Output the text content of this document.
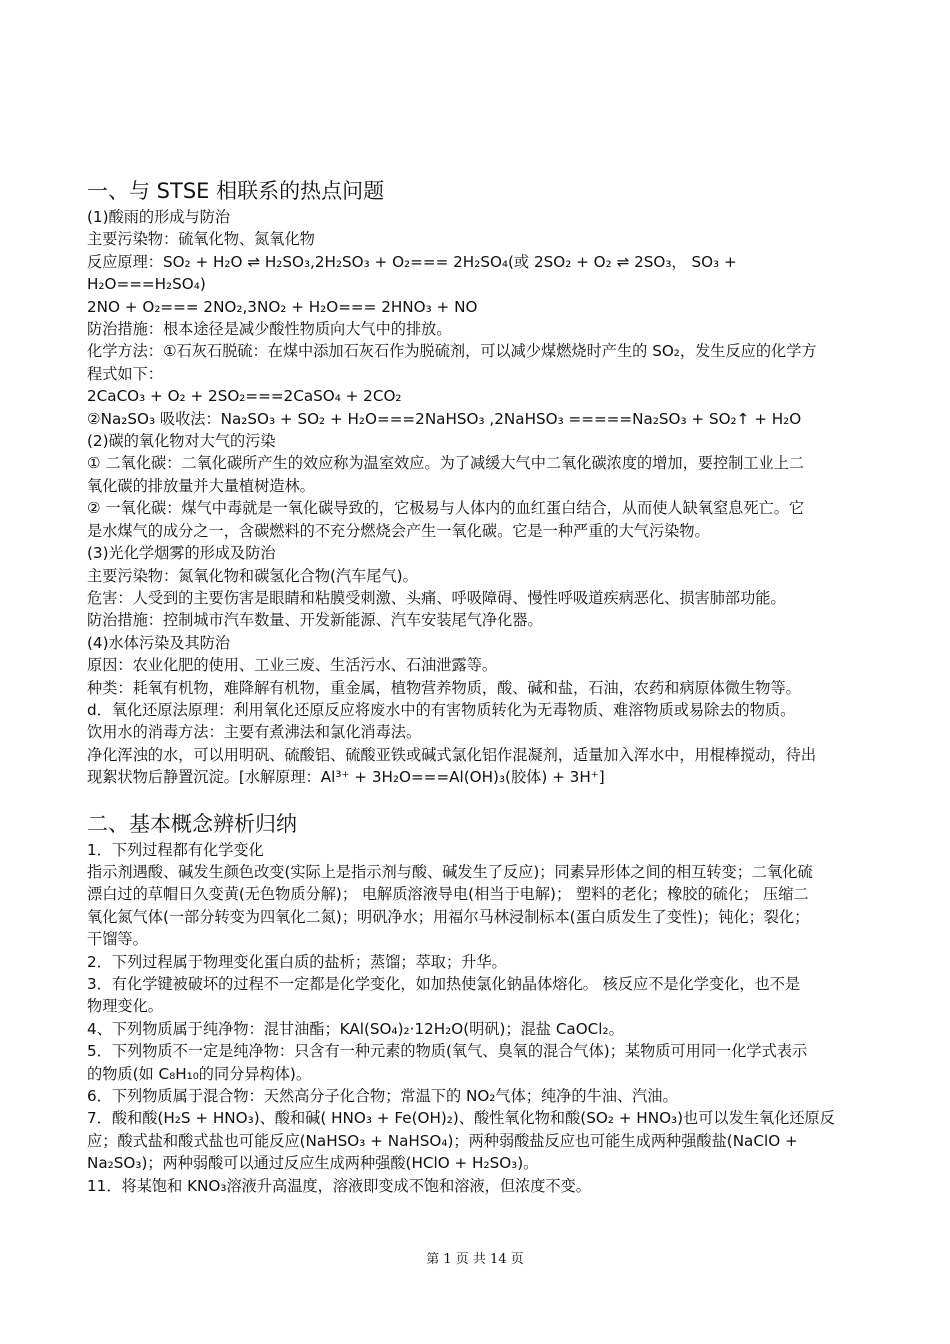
一、与 STSE 相联系的热点问题

(1)酸雨的形成与防治

主要污染物：硫氧化物、氮氧化物

反应原理：SO₂ + H₂O ⇌ H₂SO₃,2H₂SO₃ + O₂=== 2H₂SO₄(或 2SO₂ + O₂ ⇌ 2SO₃， SO₃ +

H₂O===H₂SO₄)

2NO + O₂=== 2NO₂,3NO₂ + H₂O=== 2HNO₃ + NO

防治措施：根本途径是减少酸性物质向大气中的排放。

化学方法：①石灰石脱硫：在煤中添加石灰石作为脱硫剂，可以减少煤燃烧时产生的 SO₂，发生反应的化学方

程式如下：

2CaCO₃ + O₂ + 2SO₂===2CaSO₄ + 2CO₂

②Na₂SO₃ 吸收法：Na₂SO₃ + SO₂ + H₂O===2NaHSO₃ ,2NaHSO₃ =====Na₂SO₃ + SO₂↑ + H₂O

(2)碳的氧化物对大气的污染

① 二氧化碳：二氧化碳所产生的效应称为温室效应。为了减缓大气中二氧化碳浓度的增加，要控制工业上二

氧化碳的排放量并大量植树造林。

② 一氧化碳：煤气中毒就是一氧化碳导致的，它极易与人体内的血红蛋白结合，从而使人缺氧窒息死亡。它

是水煤气的成分之一，含碳燃料的不充分燃烧会产生一氧化碳。它是一种严重的大气污染物。

(3)光化学烟雾的形成及防治

主要污染物：氮氧化物和碳氢化合物(汽车尾气)。

危害：人受到的主要伤害是眼睛和粘膜受刺激、头痛、呼吸障碍、慢性呼吸道疾病恶化、损害肺部功能。

防治措施：控制城市汽车数量、开发新能源、汽车安装尾气净化器。

(4)水体污染及其防治

原因：农业化肥的使用、工业三废、生活污水、石油泄露等。

种类：耗氧有机物，难降解有机物，重金属，植物营养物质，酸、碱和盐，石油，农药和病原体微生物等。

d．氧化还原法原理：利用氧化还原反应将废水中的有害物质转化为无毒物质、难溶物质或易除去的物质。

饮用水的消毒方法：主要有煮沸法和氯化消毒法。

净化浑浊的水，可以用明矾、硫酸铝、硫酸亚铁或碱式氯化铝作混凝剂，适量加入浑水中，用棍棒搅动，待出

现絮状物后静置沉淀。[水解原理：Al³⁺ + 3H₂O===Al(OH)₃(胶体) + 3H⁺]

二、基本概念辨析归纳

1．下列过程都有化学变化

指示剂遇酸、碱发生颜色改变(实际上是指示剂与酸、碱发生了反应)；同素异形体之间的相互转变；二氧化硫

漂白过的草帽日久变黄(无色物质分解)； 电解质溶液导电(相当于电解)； 塑料的老化；橡胶的硫化； 压缩二

氧化氮气体(一部分转变为四氧化二氮)；明矾净水；用福尔马林浸制标本(蛋白质发生了变性)；钝化；裂化；

干馏等。

2．下列过程属于物理变化蛋白质的盐析；蒸馏；萃取；升华。

3．有化学键被破坏的过程不一定都是化学变化，如加热使氯化钠晶体熔化。 核反应不是化学变化，也不是

物理变化。

4、下列物质属于纯净物：混甘油酯；KAl(SO₄)₂·12H₂O(明矾)；混盐 CaOCl₂。

5．下列物质不一定是纯净物：只含有一种元素的物质(氧气、臭氧的混合气体)；某物质可用同一化学式表示

的物质(如 C₈H₁₀的同分异构体)。

6．下列物质属于混合物：天然高分子化合物；常温下的 NO₂气体；纯净的牛油、汽油。

7．酸和酸(H₂S + HNO₃)、酸和碱( HNO₃ + Fe(OH)₂)、酸性氧化物和酸(SO₂ + HNO₃)也可以发生氧化还原反

应；酸式盐和酸式盐也可能反应(NaHSO₃ + NaHSO₄)；两种弱酸盐反应也可能生成两种强酸盐(NaClO +

Na₂SO₃)；两种弱酸可以通过反应生成两种强酸(HClO + H₂SO₃)。

11．将某饱和 KNO₃溶液升高温度，溶液即变成不饱和溶液，但浓度不变。

第 1 页 共 14 页
